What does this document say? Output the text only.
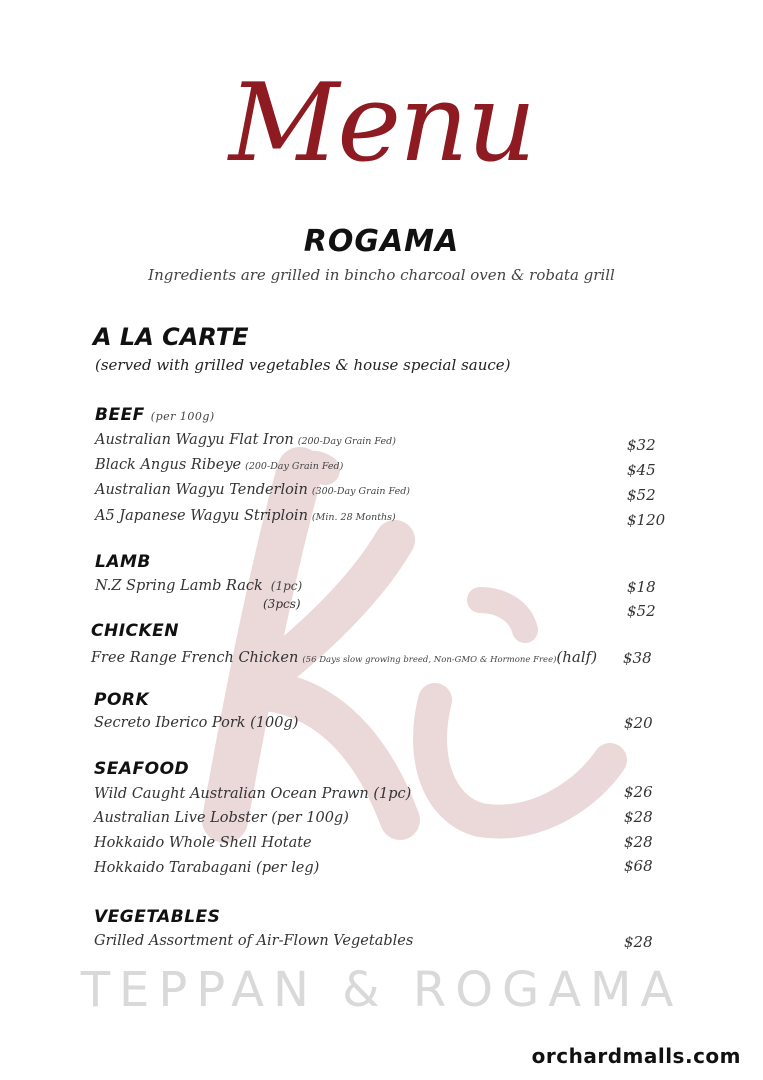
Menu
ROGAMA
Ingredients are grilled in bincho charcoal oven & robata grill
A LA CARTE
(served with grilled vegetables & house special sauce)
BEEF (per 100g)
Australian Wagyu Flat Iron (200-Day Grain Fed)	$32
Black Angus Ribeye (200-Day Grain Fed)	$45
Australian Wagyu Tenderloin (300-Day Grain Fed)	$52
A5 Japanese Wagyu Striploin (Min. 28 Months)	$120
LAMB
N.Z Spring Lamb Rack (1pc)	$18
(3pcs)	$52
CHICKEN
Free Range French Chicken (56 Days slow growing breed, Non-GMO & Hormone Free)(half) $38
PORK
Secreto Iberico Pork (100g)	$20
SEAFOOD
Wild Caught Australian Ocean Prawn (1pc)	$26
Australian Live Lobster (per 100g)	$28
Hokkaido Whole Shell Hotate	$28
Hokkaido Tarabagani (per leg)	$68
VEGETABLES
Grilled Assortment of Air-Flown Vegetables	$28
TEPPAN & ROGAMA
orchardmalls.com
